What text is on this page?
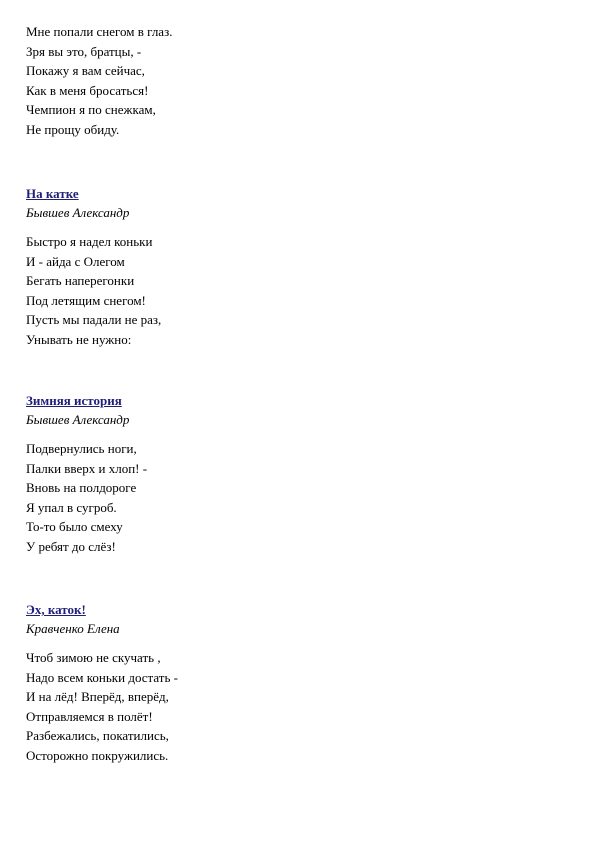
Мне попали снегом в глаз.
Зря вы это, братцы, -
Покажу я вам сейчас,
Как в меня бросаться!
Чемпион я по снежкам,
Не прощу обиду.
На катке
Бывшев Александр
Быстро я надел коньки
И - айда с Олегом
Бегать наперегонки
Под летящим снегом!
Пусть мы падали не раз,
Унывать не нужно:
Зимняя история
Бывшев Александр
Подвернулись ноги,
Палки вверх и хлоп! -
Вновь на полдороге
Я упал в сугроб.
То-то было смеху
У ребят до слёз!
Эх, каток!
Кравченко Елена
Чтоб зимою не скучать ,
Надо всем коньки достать -
И на лёд! Вперёд, вперёд,
Отправляемся в полёт!
Разбежались, покатились,
Осторожно покружились.
